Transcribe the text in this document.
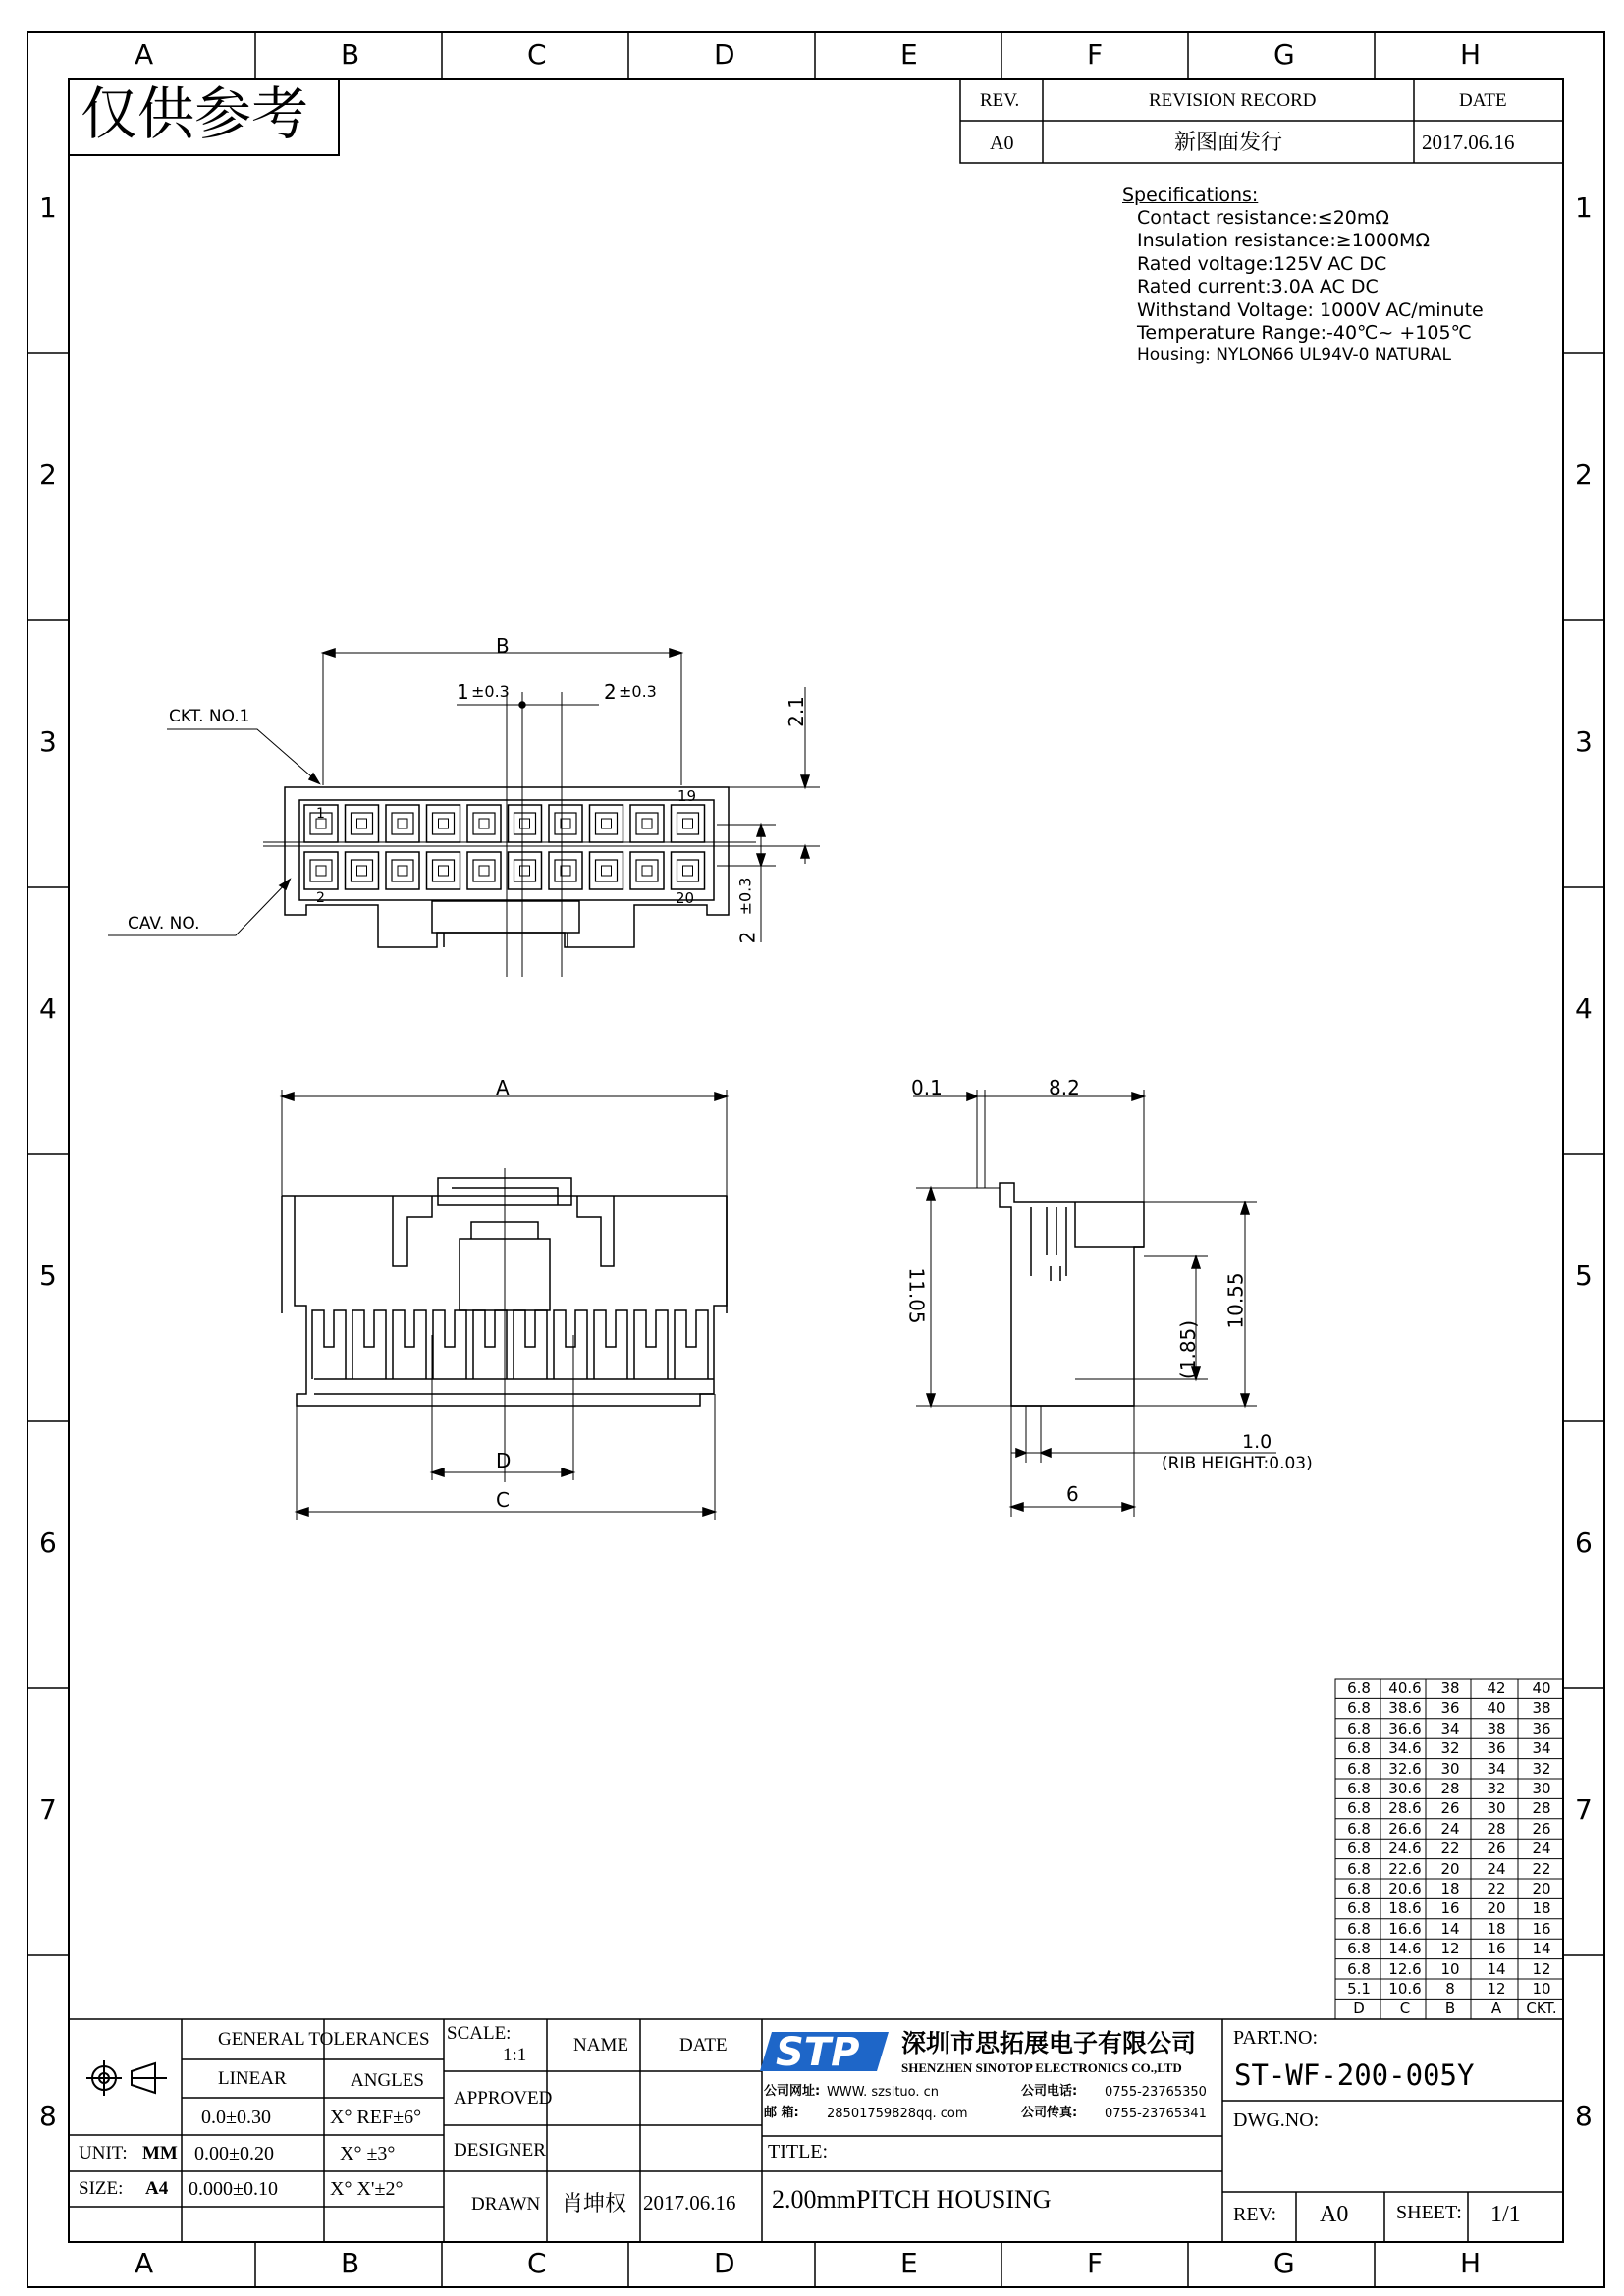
STP
A	B	C	D	E	F	G	H
A	B	C	D	E	F	G	H
1
2
3
4
5
6
7
8
1
2
3
4
5
6
7
8
仅供参考	REV.	REVISION RECORD	DATE
A0	新图面发行	2017.06.16
Specifications:
Contact resistance:≤20mΩ
Insulation resistance:≥1000MΩ
Rated voltage:125V AC DC
Rated current:3.0A AC DC
Withstand Voltage: 1000V AC/minute
Temperature Range:-40℃~ +105℃
Housing: NYLON66 UL94V-0 NATURAL
B
1 ±0.3	2 ±0.3
2.1
2
±0.3
CKT. NO.1
CAV. NO.
19
20
1
2
A
C
D
0.1	8.2
11.05	10.55
(1.85)
1.0
(RIB HEIGHT:0.03)
6
6.8	40.6	38	42	40
6.8	38.6	36	40	38
6.8	36.6	34	38	36
6.8	34.6	32	36	34
6.8	32.6	30	34	32
6.8	30.6	28	32	30
6.8	28.6	26	30	28
6.8	26.6	24	28	26
6.8	24.6	22	26	24
6.8	22.6	20	24	22
6.8	20.6	18	22	20
6.8	18.6	16	20	18
6.8	16.6	14	18	16
6.8	14.6	12	16	14
6.8	12.6	10	14	12
5.1	10.6	8	12	10
D	C	B	A	CKT.
GENERAL TOLERANCES
LINEAR	ANGLES
0.0±0.30	X° REF±6°
0.00±0.20	X° ±3°
0.000±0.10	X° X'±2°
UNIT: MM
SIZE: A4
SCALE:
1:1	NAME	DATE
APPROVED
DESIGNER
DRAWN 肖坤权 2017.06.16
深圳市思拓展电子有限公司
SHENZHEN SINOTOP ELECTRONICS CO.,LTD
公司网址: WWW. szsituo. cn	公司电话: 0755-23765350
邮 箱: 28501759828qq. com	公司传真: 0755-23765341
TITLE:
2.00mmPITCH HOUSING
PART.NO:
ST-WF-200-005Y
DWG.NO:
REV: A0 SHEET: 1/1
